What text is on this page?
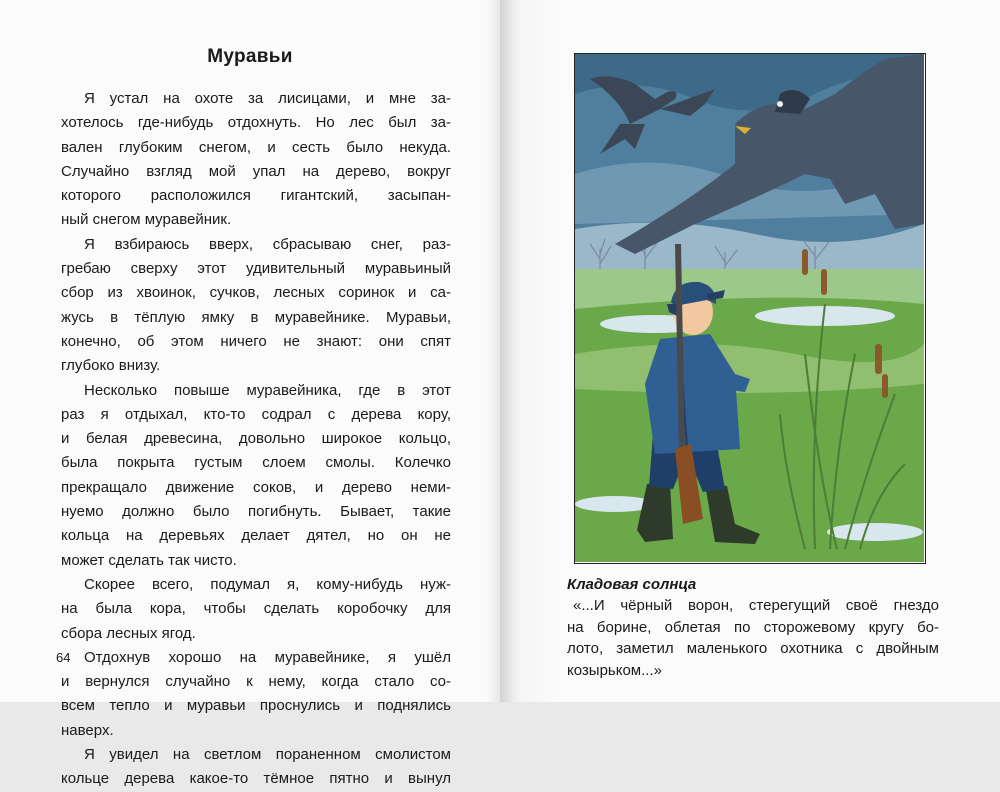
Муравьи

Я устал на охоте за лисицами, и мне за-
хотелось где-нибудь отдохнуть. Но лес был за-
вален глубоким снегом, и сесть было некуда.
Случайно взгляд мой упал на дерево, вокруг
которого расположился гигантский, засыпан-
ный снегом муравейник.

Я взбираюсь вверх, сбрасываю снег, раз-
гребаю сверху этот удивительный муравьиный
сбор из хвоинок, сучков, лесных соринок и са-
жусь в тёплую ямку в муравейнике. Муравьи,
конечно, об этом ничего не знают: они спят
глубоко внизу.

Несколько повыше муравейника, где в этот
раз я отдыхал, кто-то содрал с дерева кору,
и белая древесина, довольно широкое кольцо,
была покрыта густым слоем смолы. Колечко
прекращало движение соков, и дерево неми-
нуемо должно было погибнуть. Бывает, такие
кольца на деревьях делает дятел, но он не
может сделать так чисто.

Скорее всего, подумал я, кому-нибудь нуж-
на была кора, чтобы сделать коробочку для
сбора лесных ягод.

Отдохнув хорошо на муравейнике, я ушёл
и вернулся случайно к нему, когда стало со-
всем тепло и муравьи проснулись и поднялись
наверх.

Я увидел на светлом пораненном смолистом
кольце дерева какое-то тёмное пятно и вынул

64
Кладовая солнца
«...И чёрный ворон, стерегущий своё гнездо
на борине, облетая по сторожевому кругу бо-
лото, заметил маленького охотника с двойным
козырьком...»
